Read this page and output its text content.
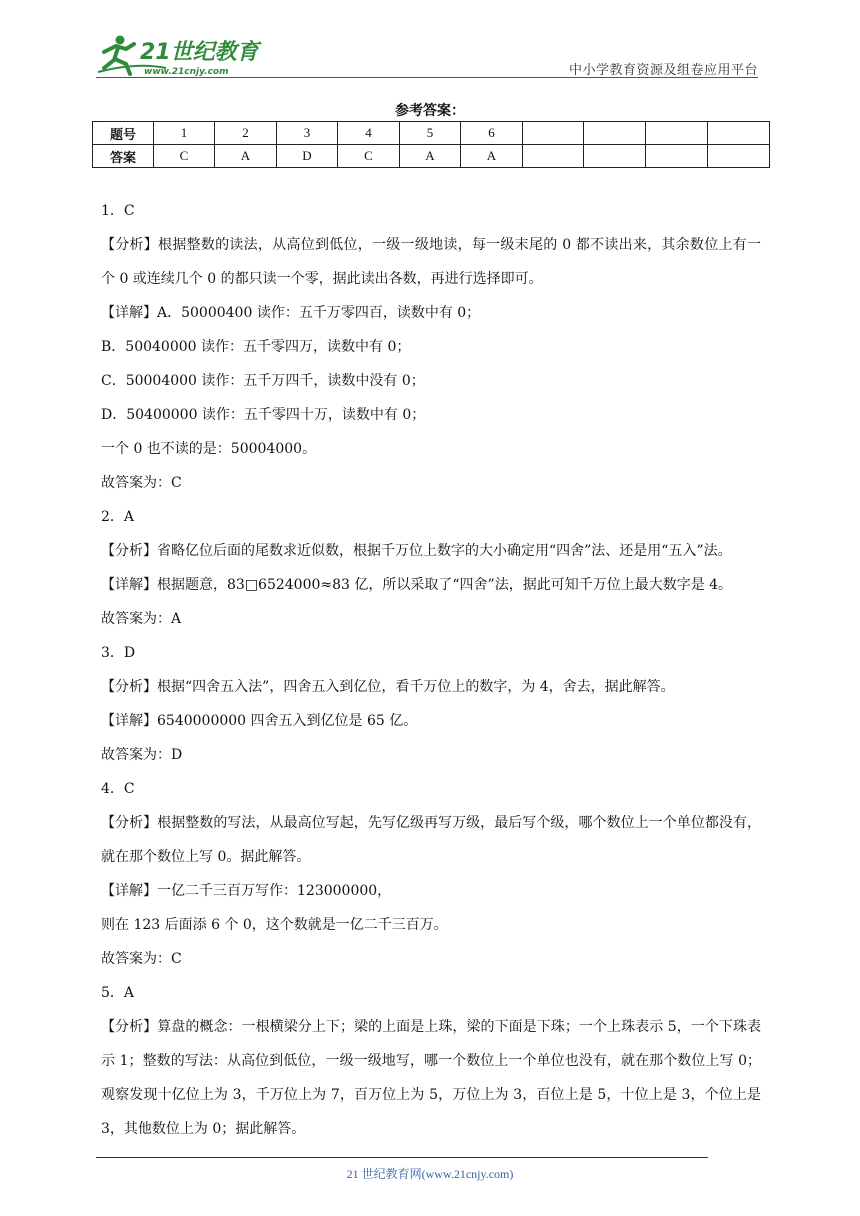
21世纪教育
www.21cnjy.com	中小学教育资源及组卷应用平台
参考答案：
题号	1	2	3	4	5	6				
答案	C	A	D	C	A	A				
1．C
【分析】根据整数的读法，从高位到低位，一级一级地读，每一级末尾的 0 都不读出来，其余数位上有一个 0 或连续几个 0 的都只读一个零，据此读出各数，再进行选择即可。
【详解】A．50000400 读作：五千万零四百，读数中有 0；
B．50040000 读作：五千零四万，读数中有 0；
C．50004000 读作：五千万四千，读数中没有 0；
D．50400000 读作：五千零四十万，读数中有 0；
一个 0 也不读的是：50004000。
故答案为：C
2．A
【分析】省略亿位后面的尾数求近似数，根据千万位上数字的大小确定用“四舍”法、还是用“五入”法。
【详解】根据题意，83□6524000≈83 亿，所以采取了“四舍”法，据此可知千万位上最大数字是 4。
故答案为：A
3．D
【分析】根据“四舍五入法”，四舍五入到亿位，看千万位上的数字，为 4，舍去，据此解答。
【详解】6540000000 四舍五入到亿位是 65 亿。
故答案为：D
4．C
【分析】根据整数的写法，从最高位写起，先写亿级再写万级，最后写个级，哪个数位上一个单位都没有，就在那个数位上写 0。据此解答。
【详解】一亿二千三百万写作：123000000，
则在 123 后面添 6 个 0，这个数就是一亿二千三百万。
故答案为：C
5．A
【分析】算盘的概念：一根横梁分上下；梁的上面是上珠，梁的下面是下珠；一个上珠表示 5，一个下珠表示 1；整数的写法：从高位到低位，一级一级地写，哪一个数位上一个单位也没有，就在那个数位上写 0；观察发现十亿位上为 3，千万位上为 7，百万位上为 5，万位上为 3，百位上是 5，十位上是 3，个位上是 3，其他数位上为 0；据此解答。
21 世纪教育网(www.21cnjy.com)
